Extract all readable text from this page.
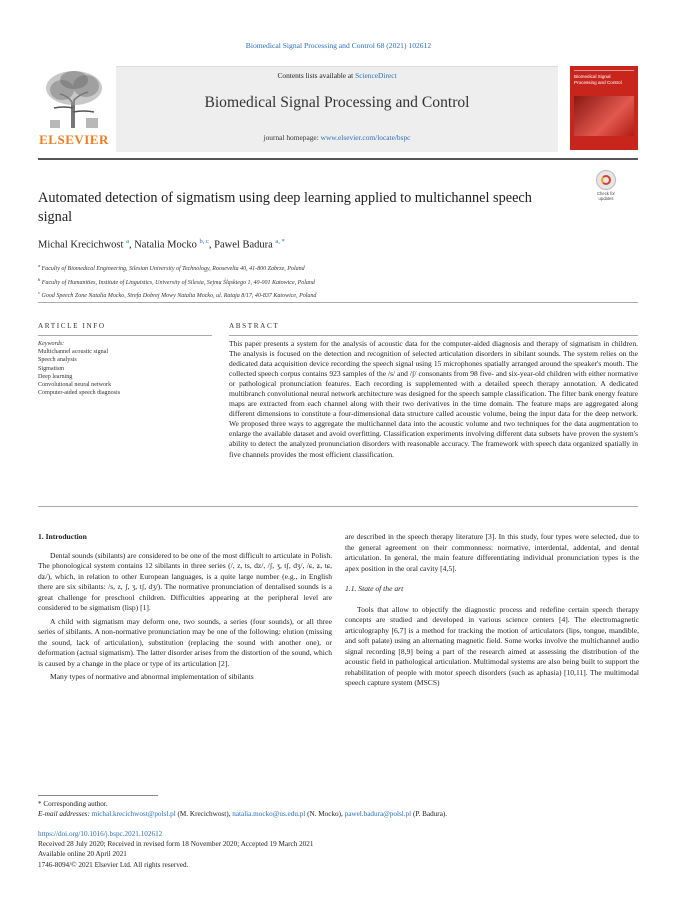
Biomedical Signal Processing and Control 68 (2021) 102612
ELSEVIER
Contents lists available at ScienceDirect
Biomedical Signal Processing and Control
journal homepage: www.elsevier.com/locate/bspc
Biomedical Signal Processing and Control
Automated detection of sigmatism using deep learning applied to multichannel speech signal
Check for updates
Michal Krecichwost $^a$, Natalia Mocko $^{b, c}$, Pawel Badura $^{a, *}$
$^a$ Faculty of Biomedical Engineering, Silesian University of Technology, Roosevelta 40, 41-800 Zabrze, Poland
$^b$ Faculty of Humanities, Institute of Linguistics, University of Silesia, Sejmu Śląskiego 1, 40-001 Katowice, Poland
$^c$ Good Speech Zone Natalia Mocko, Strefa Dobrej Mowy Natalia Mocko, ul. Rataja 8/17, 40-837 Katowice, Poland
ARTICLE INFO
Keywords:
Multichannel acoustic signal
Speech analysis
Sigmatism
Deep learning
Convolutional neural network
Computer-aided speech diagnosis
ABSTRACT
This paper presents a system for the analysis of acoustic data for the computer-aided diagnosis and therapy of sigmatism in children. The analysis is focused on the detection and recognition of selected articulation disorders in sibilant sounds. The system relies on the dedicated data acquisition device recording the speech signal using 15 microphones spatially arranged around the speaker's mouth. The collected speech corpus contains 923 samples of the /s/ and /ʃ/ consonants from 98 five- and six-year-old children with either normative or pathological pronunciation features. Each recording is supplemented with a detailed speech therapy annotation. A dedicated multibranch convolutional neural network architecture was designed for the speech sample classification. The filter bank energy feature maps are extracted from each channel along with their two derivatives in the time domain. The feature maps are aggregated along different dimensions to constitute a four-dimensional data structure called acoustic volume, being the input data for the deep network. We proposed three ways to aggregate the multichannel data into the acoustic volume and two techniques for the data augmentation to enlarge the available dataset and avoid overfitting. Classification experiments involving different data subsets have proven the system's ability to detect the analyzed pronunciation disorders with reasonable accuracy. The framework with speech data organized spatially in five channels provides the most efficient classification.
1. Introduction

Dental sounds (sibilants) are considered to be one of the most difficult to articulate in Polish. The phonological system contains 12 sibilants in three series (/, z, ts, dz/, /ʃ, ʒ, tʃ, dʒ/, /ɕ, ʑ, tɕ, dʑ/), which, in relation to other European languages, is a quite large number (e.g., in English there are six sibilants: /s, z, ʃ, ʒ, tʃ, dʒ/). The normative pronunciation of dentalised sounds is a great challenge for preschool children. Difficulties appearing at the peripheral level are considered to be sigmatism (lisp) [1].

A child with sigmatism may deform one, two sounds, a series (four sounds), or all three series of sibilants. A non-normative pronunciation may be one of the following: elution (missing the sound, lack of articulation), substitution (replacing the sound with another one), or deformation (actual sigmatism). The latter disorder arises from the distortion of the sound, which is caused by a change in the place or type of its articulation [2].

Many types of normative and abnormal implementation of sibilants

are described in the speech therapy literature [3]. In this study, four types were selected, due to the general agreement on their commonness: normative, interdental, addental, and dental articulation. In general, the main feature differentiating individual pronunciation types is the apex position in the oral cavity [4,5].

1.1. State of the art

Tools that allow to objectify the diagnostic process and redefine certain speech therapy concepts are studied and developed in various science centers [4]. The electromagnetic articulography [6,7] is a method for tracking the motion of articulators (lips, tongue, mandible, and soft palate) using an alternating magnetic field. Some works involve the multichannel audio signal recording [8,9] being a part of the research aimed at assessing the distribution of the acoustic field in pathological articulation. Multimodal systems are also being built to support the rehabilitation of people with motor speech disorders (such as aphasia) [10,11]. The multimodal speech capture system (MSCS)

* Corresponding author.
E-mail addresses: michal.krecichwost@polsl.pl (M. Krecichwost), natalia.mocko@us.edu.pl (N. Mocko), pawel.badura@polsl.pl (P. Badura).
https://doi.org/10.1016/j.bspc.2021.102612
Received 28 July 2020; Received in revised form 18 November 2020; Accepted 19 March 2021
Available online 20 April 2021
1746-8094/© 2021 Elsevier Ltd. All rights reserved.
